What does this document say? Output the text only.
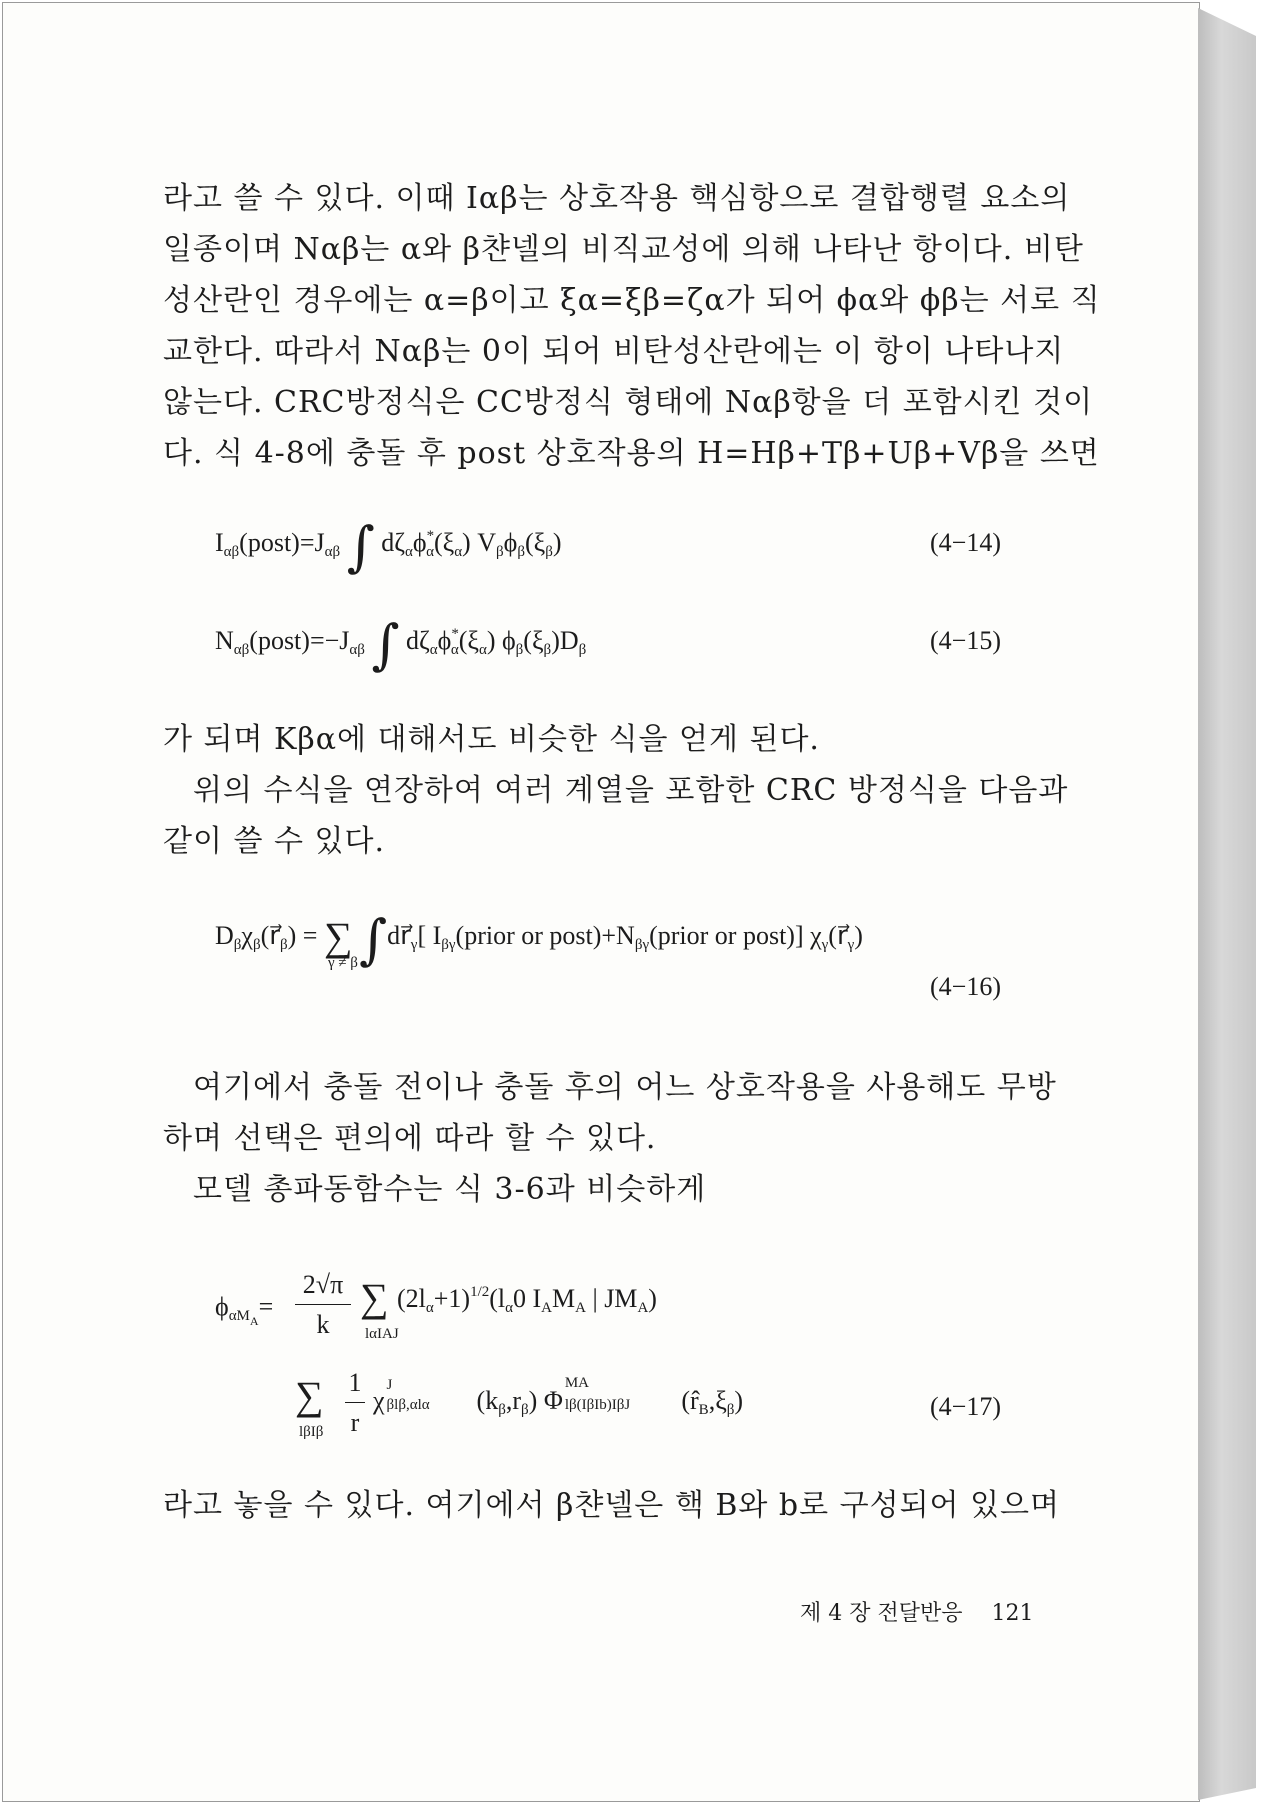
라고 쓸 수 있다. 이때 Iαβ는 상호작용 핵심항으로 결합행렬 요소의
일종이며 Nαβ는 α와 β챤넬의 비직교성에 의해 나타난 항이다. 비탄
성산란인 경우에는 α=β이고 ξα=ξβ=ζα가 되어 ϕα와 ϕβ는 서로 직
교한다. 따라서 Nαβ는 0이 되어 비탄성산란에는 이 항이 나타나지
않는다. CRC방정식은 CC방정식 형태에 Nαβ항을 더 포함시킨 것이
다. 식 4-8에 충돌 후 post 상호작용의 H=Hβ+Tβ+Uβ+Vβ을 쓰면

$I_{\alpha\beta}(post)=J_{\alpha\beta}$ ∫ $d\zeta_\alpha\phi^*_\alpha(\xi_\alpha)$ $V_\beta\phi_\beta(\xi_\beta)$	(4−14)
$N_{\alpha\beta}(post)=-J_{\alpha\beta}$ ∫ $d\zeta_\alpha\phi^*_\alpha(\xi_\alpha)$ $\phi_\beta(\xi_\beta)D_\beta$	(4−15)

가 되며 Kβα에 대해서도 비슷한 식을 얻게 된다.

위의 수식을 연장하여 여러 계열을 포함한 CRC 방정식을 다음과
같이 쓸 수 있다.

$D_\beta\chi_\beta(r⃗_\beta)$ = ∑
γ ≠ β $\int dr⃗_\gamma$[ $I_{\beta\gamma}(prior$ or $post)+N_{\beta\gamma}(prior$ or post)] $\chi_\gamma(r⃗_\gamma)$
(4−16)

여기에서 충돌 전이나 충돌 후의 어느 상호작용을 사용해도 무방
하며 선택은 편의에 따라 할 수 있다.

모델 총파동함수는 식 3-6과 비슷하게

$\phi_{\alpha MA}=$
2√π
k
∑
lαIAJ
$(2l_\alpha+1)^{1/2}(l_\alpha 0$ $I_AM_A$ | $JM_A$)
∑
lβIβ
1
r
χ
J
βlβ,αlα $(k_\beta,r_\beta)$ Φ
MA
lβ(IβIb)IβJ $(r̂_B,\xi_\beta)$	(4−17)

라고 놓을 수 있다. 여기에서 β챤넬은 핵 B와 b로 구성되어 있으며

제 4 장 전달반응 121
